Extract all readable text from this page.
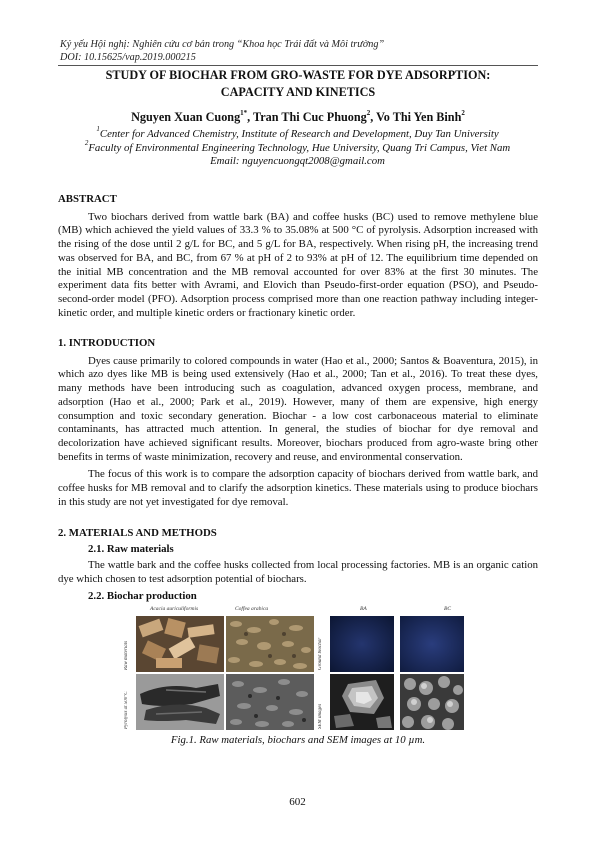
Kỷ yếu Hội nghị: Nghiên cứu cơ bản trong “Khoa học Trái đất và Môi trường”
DOI: 10.15625/vap.2019.000215
STUDY OF BIOCHAR FROM GRO-WASTE FOR DYE ADSORPTION:
CAPACITY AND KINETICS
Nguyen Xuan Cuong$^{1*}$, Tran Thi Cuc Phuong$^2$, Vo Thi Yen Binh$^2$
$^1$Center for Advanced Chemistry, Institute of Research and Development, Duy Tan University
$^2$Faculty of Environmental Engineering Technology, Hue University, Quang Tri Campus, Viet Nam
Email: nguyencuongqt2008@gmail.com
ABSTRACT

Two biochars derived from wattle bark (BA) and coffee husks (BC) used to remove methylene blue (MB) which achieved the yield values of 33.3 % to 35.08% at 500 °C of pyrolysis. Adsorption increased with the rising of the dose until 2 g/L for BC, and 5 g/L for BA, respectively. When rising pH, the increasing trend was observed for BA, and BC, from 67 % at pH of 2 to 93% at pH of 12. The equilibrium time depended on the initial MB concentration and the MB removal accounted for over 83% at the first 30 minutes. The experiment data fits better with Avrami, and Elovich than Pseudo-first-order equation (PSO), and Pseudo-second-order model (PFO). Adsorption process comprised more than one reaction pathway including integer-kinetic order, and multiple kinetic orders or fractionary kinetic order.

1. INTRODUCTION

Dyes cause primarily to colored compounds in water (Hao et al., 2000; Santos & Boaventura, 2015), in which azo dyes like MB is being used extensively (Hao et al., 2000; Tan et al., 2016). To treat these dyes, many methods have been introducing such as coagulation, advanced oxygen process, membrane, and adsorption (Hao et al., 2000; Park et al., 2019). However, many of them are expensive, high energy consumption and toxic secondary generation. Biochar - a low cost carbonaceous material to eliminate contaminants, has attracted much attention. In general, the studies of biochar for dye removal and decolorization have achieved significant results. Moreover, biochars produced from agro-waste bring other benefits in terms of waste minimization, recovery and reuse, and environmental conservation.

The focus of this work is to compare the adsorption capacity of biochars derived from wattle bark, and coffee husks for MB removal and to clarify the adsorption kinetics. These materials using to produce biochars in this study are not yet investigated for dye removal.

2. MATERIALS AND METHODS
2.1. Raw materials

The wattle bark and the coffee husks collected from local processing factories. MB is an organic cation dye which chosen to test adsorption potential of biochars.

2.2. Biochar production
Acacia auriculiformis	Coffea arabica	BA	BC
Raw materials
Pyrolysis at 500°C
Ground biochar
SEM images
Fig.1. Raw materials, biochars and SEM images at 10 µm.
602
